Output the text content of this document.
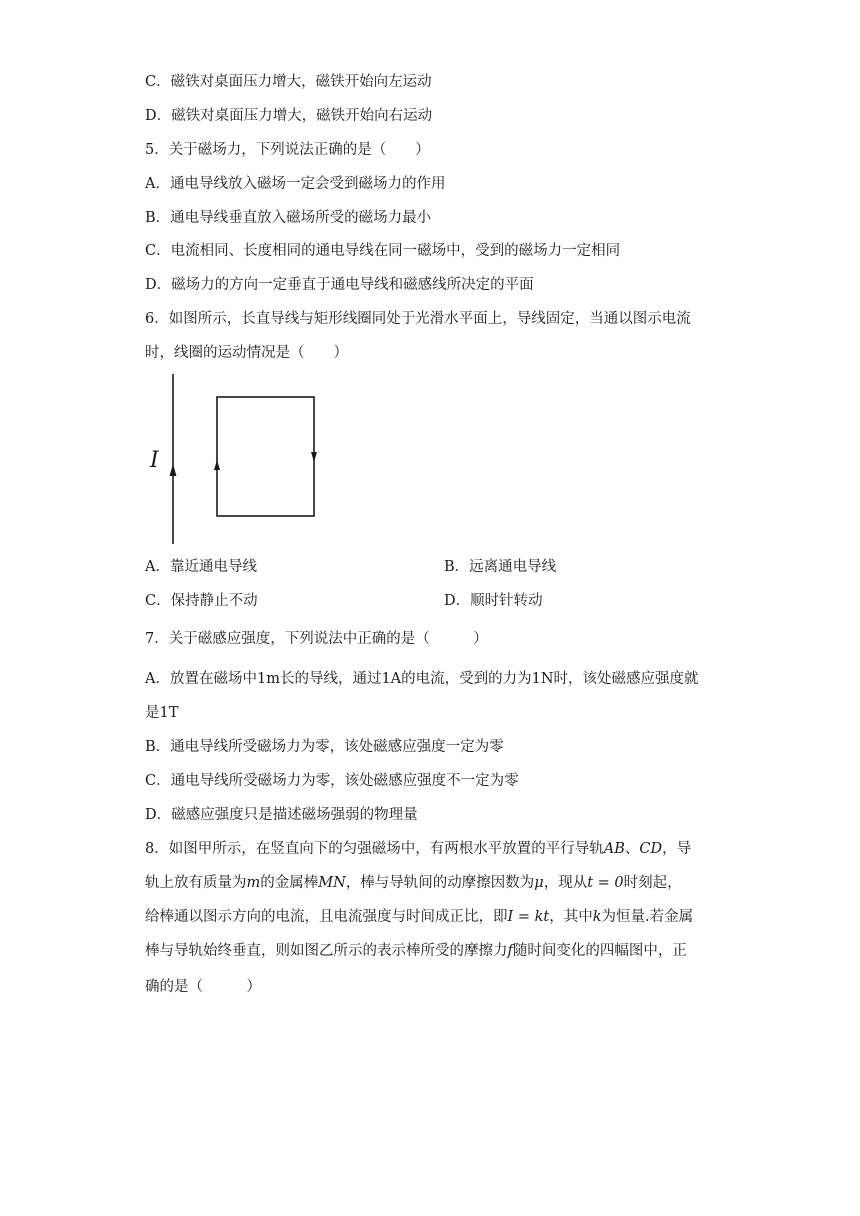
C．磁铁对桌面压力增大，磁铁开始向左运动
D．磁铁对桌面压力增大，磁铁开始向右运动
5．关于磁场力，下列说法正确的是（　　）
A．通电导线放入磁场一定会受到磁场力的作用
B．通电导线垂直放入磁场所受的磁场力最小
C．电流相同、长度相同的通电导线在同一磁场中，受到的磁场力一定相同
D．磁场力的方向一定垂直于通电导线和磁感线所决定的平面
6．如图所示，长直导线与矩形线圈同处于光滑水平面上，导线固定，当通以图示电流
时，线圈的运动情况是（　　）
I
A．靠近通电导线	B．远离通电导线
C．保持静止不动	D．顺时针转动
7．关于磁感应强度，下列说法中正确的是（　　　）
A．放置在磁场中1m长的导线，通过1A的电流，受到的力为1N时，该处磁感应强度就
是1T
B．通电导线所受磁场力为零，该处磁感应强度一定为零
C．通电导线所受磁场力为零，该处磁感应强度不一定为零
D．磁感应强度只是描述磁场强弱的物理量
8．如图甲所示，在竖直向下的匀强磁场中，有两根水平放置的平行导轨AB、CD，导
轨上放有质量为m的金属棒MN，棒与导轨间的动摩擦因数为μ，现从t = 0时刻起，
给棒通以图示方向的电流，且电流强度与时间成正比，即I = kt，其中k为恒量.若金属
棒与导轨始终垂直，则如图乙所示的表示棒所受的摩擦力f随时间变化的四幅图中，正
确的是（　　　）
